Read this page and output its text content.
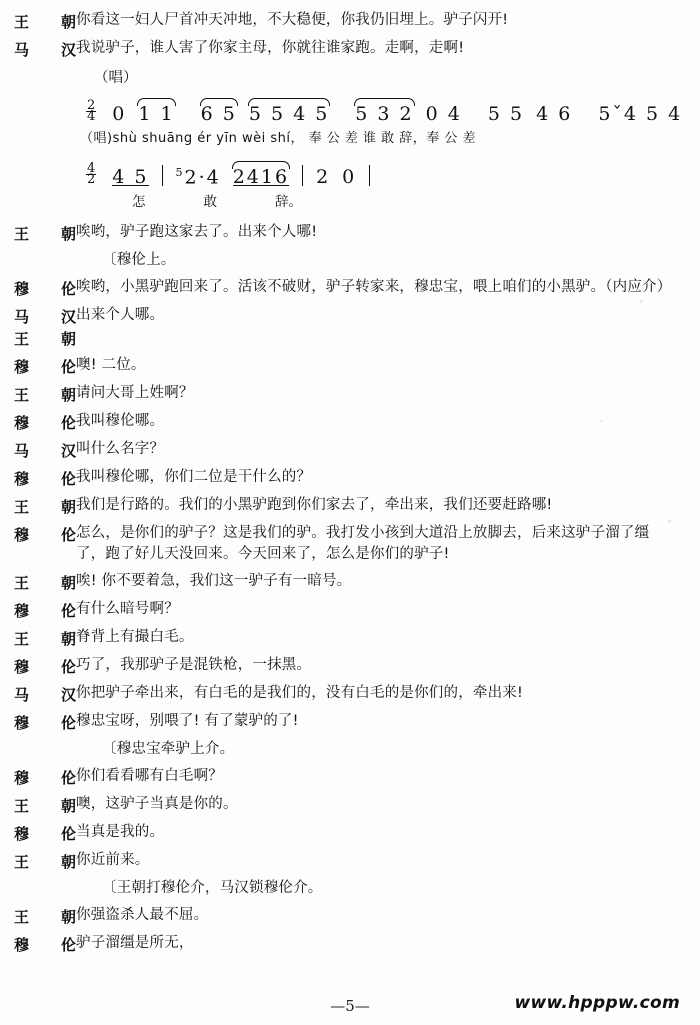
王 朝 你看这一妇人尸首冲天冲地，不大稳便，你我仍旧埋上。驴子闪开!
马 汉 我说驴子，谁人害了你家主母，你就往谁家跑。走啊，走啊!
（唱）
2
4 0 1 1	6 5 5 5 4 5	5 3 2 0 4	5 5 4 6	5ˇ4 5 4
（唱)shù shuāng ér yīn wèi shí， 奉 公 差 谁 敢 辞，奉 公 差
4
2 4 5	$^5$2·4 2416	2 0
怎	敢	辞。
王 朝 唉哟，驴子跑这家去了。出来个人哪!
〔穆伦上。
穆 伦 唉哟，小黑驴跑回来了。活该不破财，驴子转家来，穆忠宝，喂上咱们的小黑驴。（内应介）
马 汉 出来个人哪。
王 朝
穆 伦 噢! 二位。
王 朝 请问大哥上姓啊？
穆 伦 我叫穆伦哪。
马 汉 叫什么名字？
穆 伦 我叫穆伦哪，你们二位是干什么的？
王 朝 我们是行路的。我们的小黑驴跑到你们家去了，牵出来，我们还要赶路哪!
穆 伦 怎么，是你们的驴子？这是我们的驴。我打发小孩到大道沿上放脚去，后来这驴子溜了缰了，跑了好儿天没回来。今天回来了，怎么是你们的驴子!
王 朝 唉! 你不要着急，我们这一驴子有一暗号。
穆 伦 有什么暗号啊？
王 朝 脊背上有撮白毛。
穆 伦 巧了，我那驴子是混铁枪，一抹黑。
马 汉 你把驴子牵出来，有白毛的是我们的，没有白毛的是你们的，牵出来!
穆 伦 穆忠宝呀，别喂了! 有了蒙驴的了!
〔穆忠宝牵驴上介。
穆 伦 你们看看哪有白毛啊？
王 朝 噢，这驴子当真是你的。
穆 伦 当真是我的。
王 朝 你近前来。
〔王朝打穆伦介，马汉锁穆伦介。
王 朝 你强盗杀人最不屈。
穆 伦 驴子溜缰是所无，
—5—	www.hpppw.com
